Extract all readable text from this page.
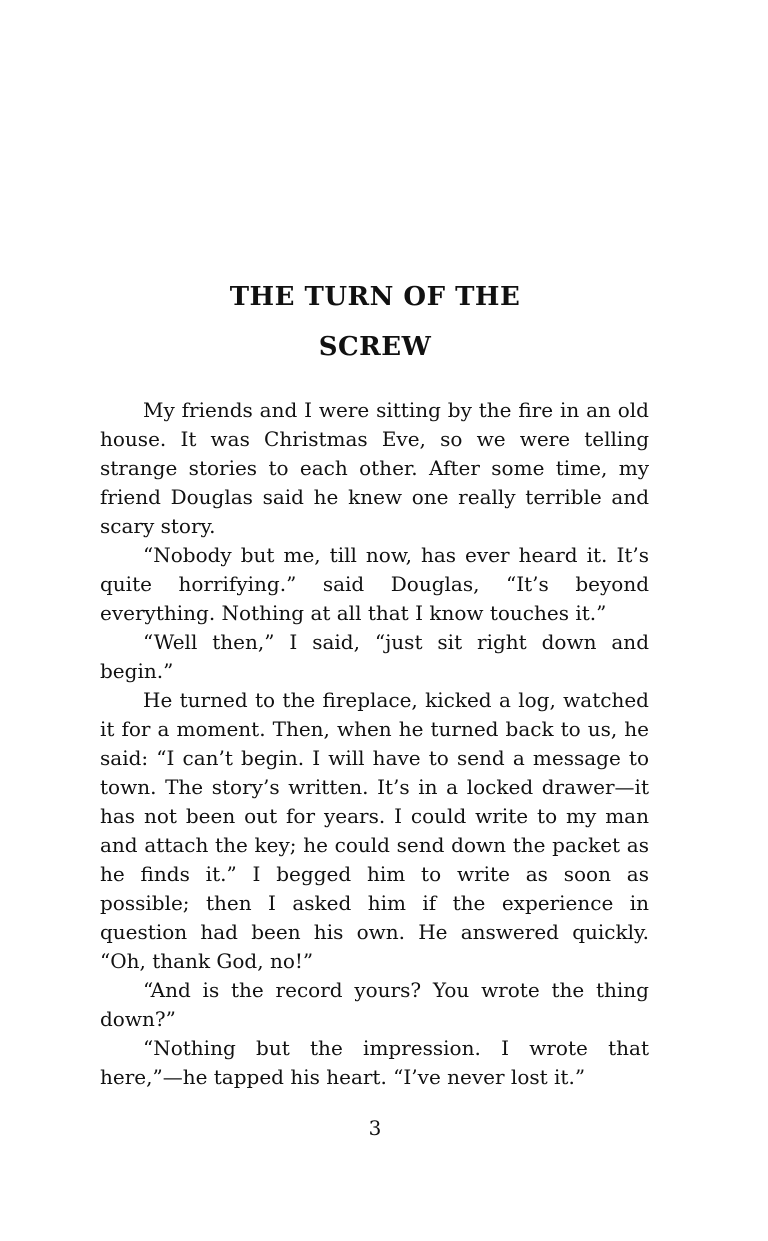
THE TURN OF THE
SCREW

My friends and I were sitting by the fire in an old house. It was Christmas Eve, so we were telling strange stories to each other. After some time, my friend Douglas said he knew one really terrible and scary story.

“Nobody but me, till now, has ever heard it. It’s quite horrifying.” said Douglas, “It’s beyond everything. Nothing at all that I know touches it.”

“Well then,” I said, “just sit right down and begin.”

He turned to the fireplace, kicked a log, watched it for a moment. Then, when he turned back to us, he said: “I can’t begin. I will have to send a message to town. The story’s written. It’s in a locked drawer—it has not been out for years. I could write to my man and attach the key; he could send down the packet as he finds it.” I begged him to write as soon as possible; then I asked him if the experience in question had been his own. He answered quickly. “Oh, thank God, no!”

“And is the record yours? You wrote the thing down?”

“Nothing but the impression. I wrote that here,”—he tapped his heart. “I’ve never lost it.”

3
